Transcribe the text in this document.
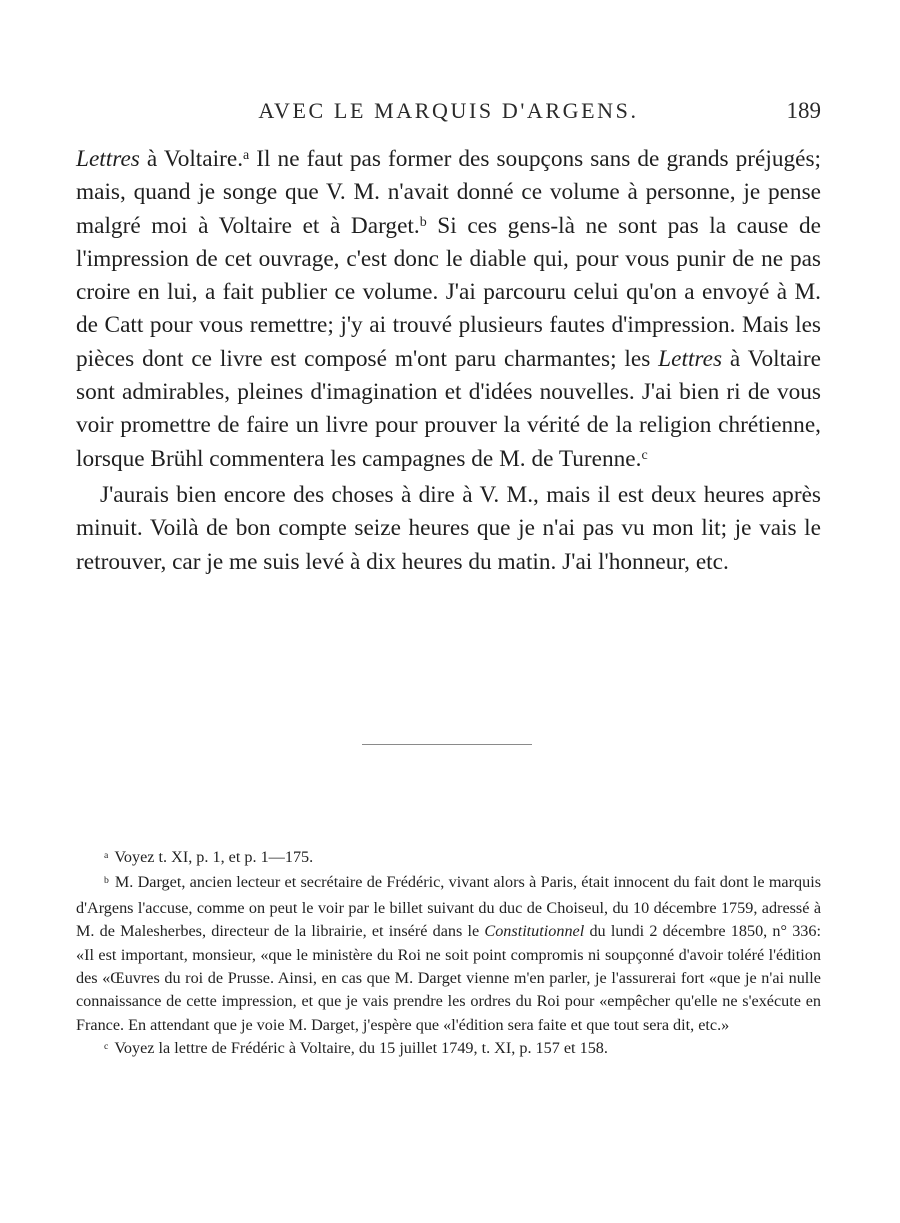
AVEC LE MARQUIS D'ARGENS.	189

Lettres à Voltaire.$^a$ Il ne faut pas former des soupçons sans de grands préjugés; mais, quand je songe que V. M. n'avait donné ce volume à personne, je pense malgré moi à Voltaire et à Darget.$^b$ Si ces gens-là ne sont pas la cause de l'impression de cet ouvrage, c'est donc le diable qui, pour vous punir de ne pas croire en lui, a fait publier ce volume. J'ai parcouru celui qu'on a envoyé à M. de Catt pour vous remettre; j'y ai trouvé plusieurs fautes d'impression. Mais les pièces dont ce livre est composé m'ont paru charmantes; les Lettres à Voltaire sont admirables, pleines d'imagination et d'idées nouvelles. J'ai bien ri de vous voir promettre de faire un livre pour prouver la vérité de la religion chrétienne, lorsque Brühl commentera les campagnes de M. de Turenne.$^c$

J'aurais bien encore des choses à dire à V. M., mais il est deux heures après minuit. Voilà de bon compte seize heures que je n'ai pas vu mon lit; je vais le retrouver, car je me suis levé à dix heures du matin. J'ai l'honneur, etc.

$^a$ Voyez t. XI, p. 1, et p. 1—175.

$^b$ M. Darget, ancien lecteur et secrétaire de Frédéric, vivant alors à Paris, était innocent du fait dont le marquis d'Argens l'accuse, comme on peut le voir par le billet suivant du duc de Choiseul, du 10 décembre 1759, adressé à M. de Malesherbes, directeur de la librairie, et inséré dans le Constitutionnel du lundi 2 décembre 1850, n° 336: «Il est important, monsieur, «que le ministère du Roi ne soit point compromis ni soupçonné d'avoir toléré l'édition des «Œuvres du roi de Prusse. Ainsi, en cas que M. Darget vienne m'en parler, je l'assurerai fort «que je n'ai nulle connaissance de cette impression, et que je vais prendre les ordres du Roi pour «empêcher qu'elle ne s'exécute en France. En attendant que je voie M. Darget, j'espère que «l'édition sera faite et que tout sera dit, etc.»

$^c$ Voyez la lettre de Frédéric à Voltaire, du 15 juillet 1749, t. XI, p. 157 et 158.
